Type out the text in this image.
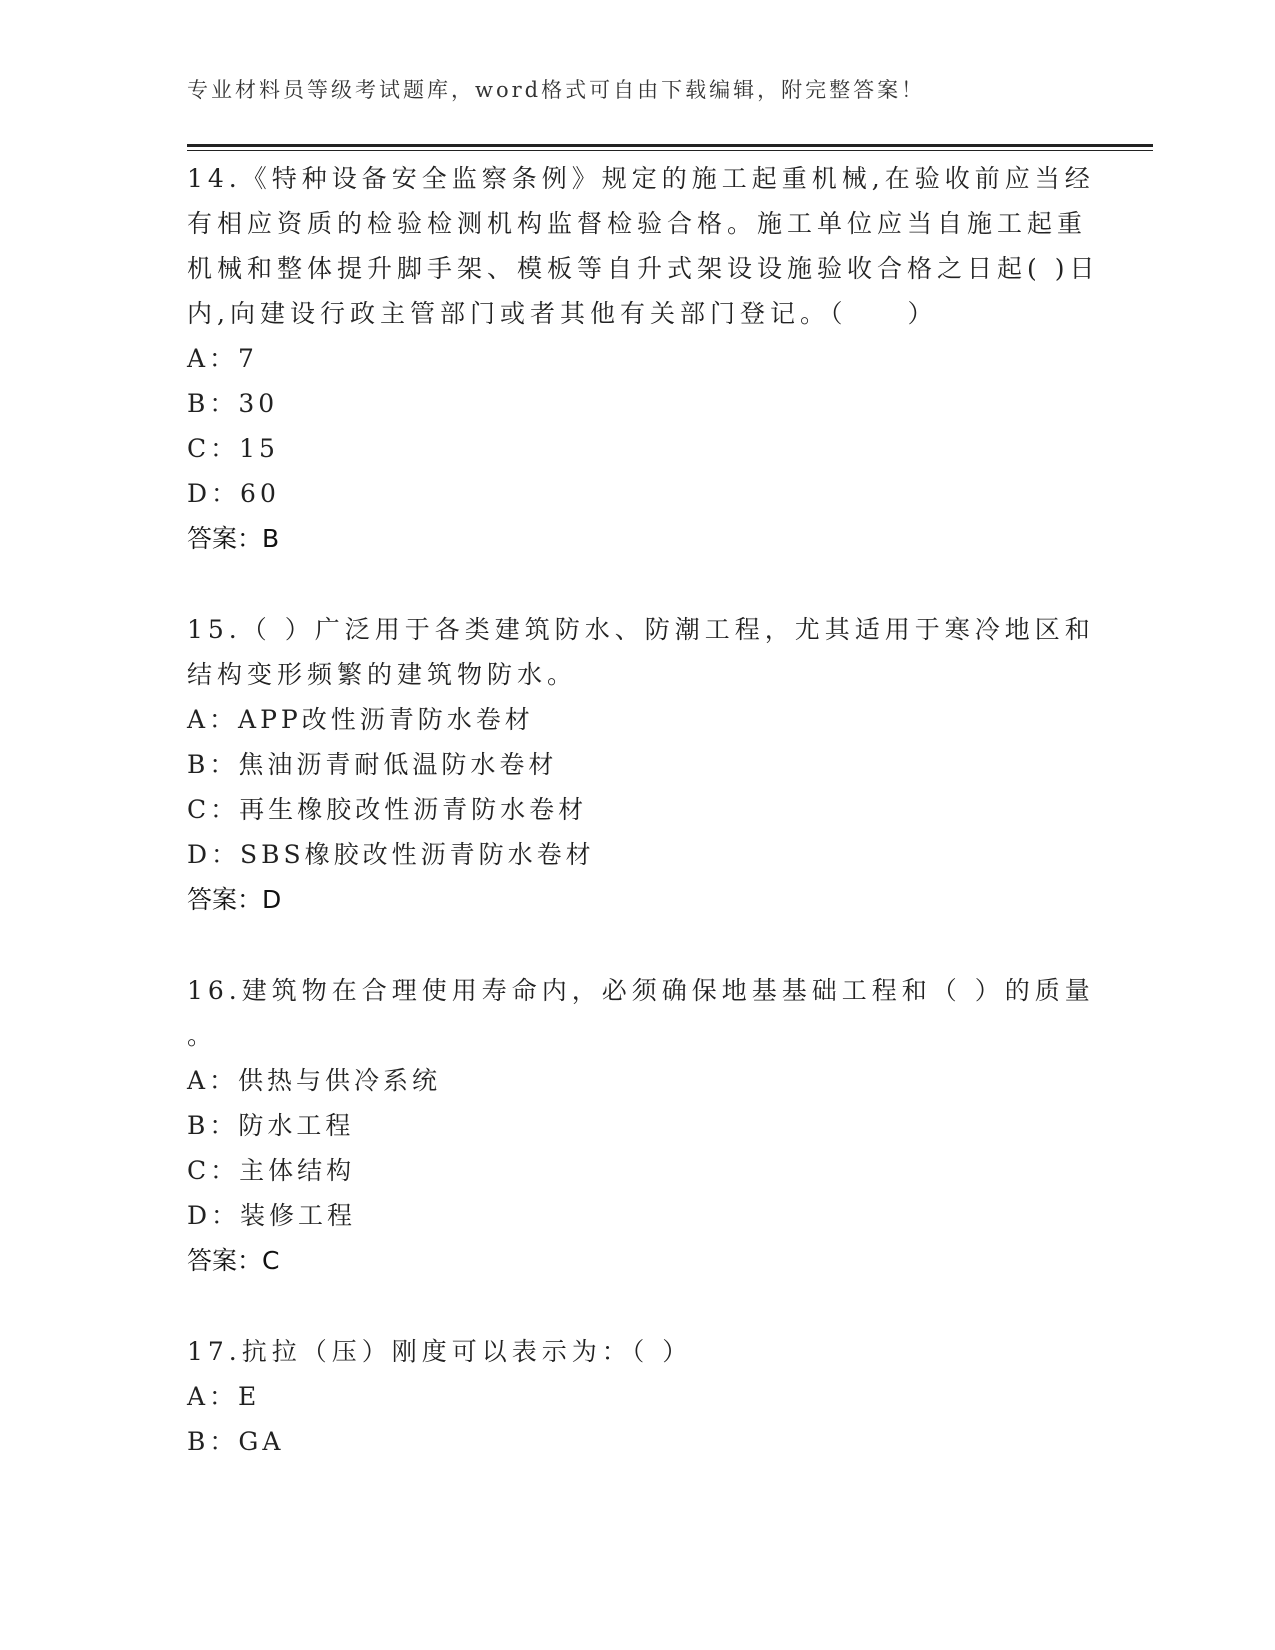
专业材料员等级考试题库，word格式可自由下载编辑，附完整答案！
14.《特种设备安全监察条例》规定的施工起重机械,在验收前应当经
有相应资质的检验检测机构监督检验合格。施工单位应当自施工起重
机械和整体提升脚手架、模板等自升式架设设施验收合格之日起( )日
内,向建设行政主管部门或者其他有关部门登记。（　　）
A：7
B：30
C：15
D：60
答案：B
15.（ ）广泛用于各类建筑防水、防潮工程，尤其适用于寒冷地区和
结构变形频繁的建筑物防水。
A：APP改性沥青防水卷材
B：焦油沥青耐低温防水卷材
C：再生橡胶改性沥青防水卷材
D：SBS橡胶改性沥青防水卷材
答案：D
16.建筑物在合理使用寿命内，必须确保地基基础工程和（ ）的质量
。
A：供热与供冷系统
B：防水工程
C：主体结构
D：装修工程
答案：C
17.抗拉（压）刚度可以表示为：（ ）
A：E
B：GA
